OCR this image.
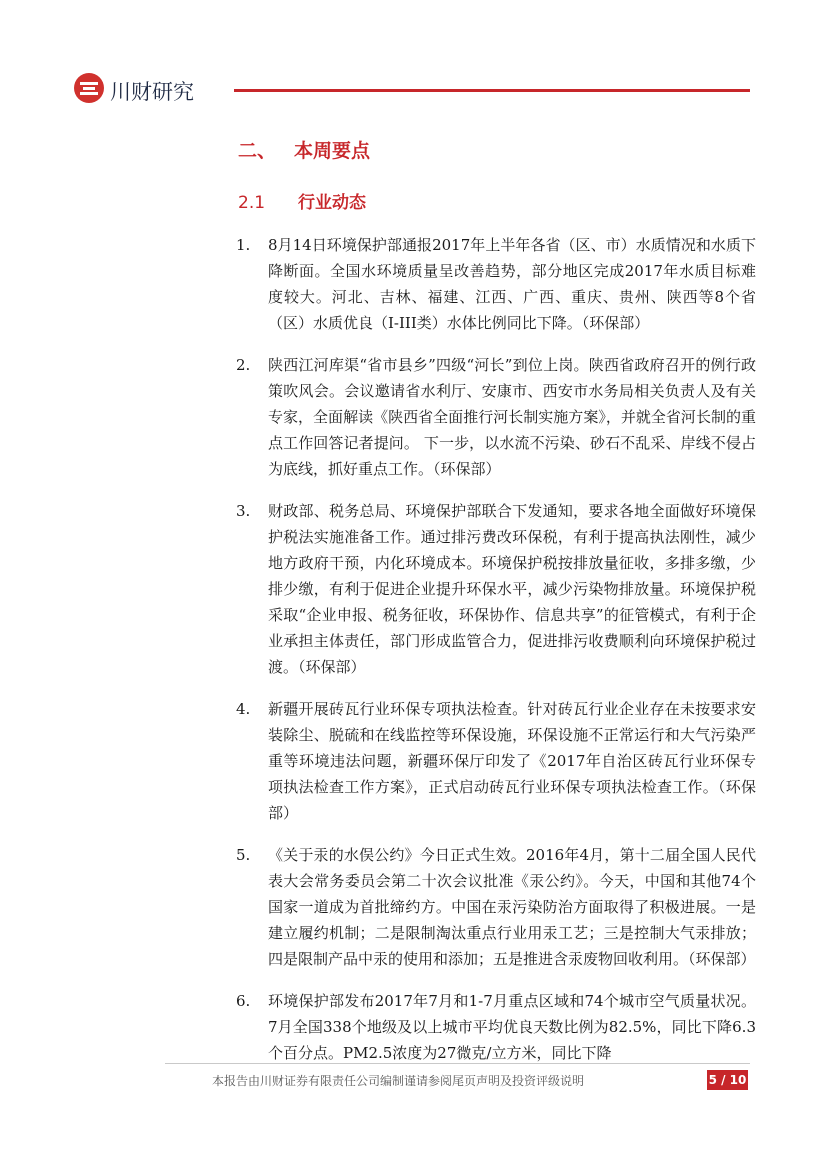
川财研究
二、 本周要点
2.1 行业动态
1. 8月14日环境保护部通报2017年上半年各省（区、市）水质情况和水质下降断面。全国水环境质量呈改善趋势，部分地区完成2017年水质目标难度较大。河北、吉林、福建、江西、广西、重庆、贵州、陕西等8个省（区）水质优良（I-III类）水体比例同比下降。（环保部）
2. 陕西江河库渠“省市县乡”四级“河长”到位上岗。陕西省政府召开的例行政策吹风会。会议邀请省水利厅、安康市、西安市水务局相关负责人及有关专家，全面解读《陕西省全面推行河长制实施方案》，并就全省河长制的重点工作回答记者提问。 下一步，以水流不污染、砂石不乱采、岸线不侵占为底线，抓好重点工作。（环保部）
3. 财政部、税务总局、环境保护部联合下发通知，要求各地全面做好环境保护税法实施准备工作。通过排污费改环保税，有利于提高执法刚性，减少地方政府干预，内化环境成本。环境保护税按排放量征收，多排多缴，少排少缴，有利于促进企业提升环保水平，减少污染物排放量。环境保护税采取“企业申报、税务征收，环保协作、信息共享”的征管模式，有利于企业承担主体责任，部门形成监管合力，促进排污收费顺利向环境保护税过渡。（环保部）
4. 新疆开展砖瓦行业环保专项执法检查。针对砖瓦行业企业存在未按要求安装除尘、脱硫和在线监控等环保设施，环保设施不正常运行和大气污染严重等环境违法问题，新疆环保厅印发了《2017年自治区砖瓦行业环保专项执法检查工作方案》，正式启动砖瓦行业环保专项执法检查工作。（环保部）
5. 《关于汞的水俣公约》今日正式生效。2016年4月，第十二届全国人民代表大会常务委员会第二十次会议批准《汞公约》。今天，中国和其他74个国家一道成为首批缔约方。中国在汞污染防治方面取得了积极进展。一是建立履约机制；二是限制淘汰重点行业用汞工艺；三是控制大气汞排放；四是限制产品中汞的使用和添加；五是推进含汞废物回收利用。（环保部）
6. 环境保护部发布2017年7月和1-7月重点区域和74个城市空气质量状况。7月全国338个地级及以上城市平均优良天数比例为82.5%，同比下降6.3个百分点。PM2.5浓度为27微克/立方米，同比下降
本报告由川财证券有限责任公司编制谨请参阅尾页声明及投资评级说明	5 / 10
